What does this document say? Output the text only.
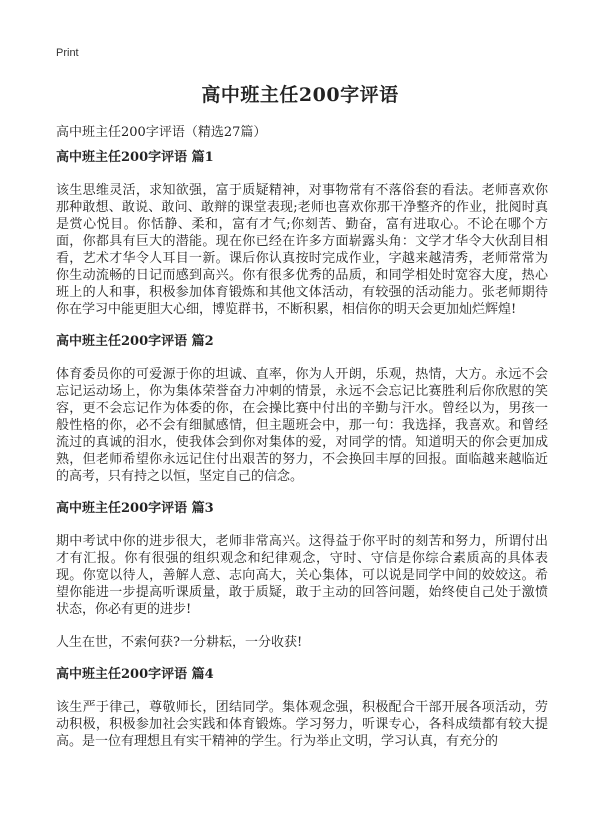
Print
高中班主任200字评语
高中班主任200字评语（精选27篇）
高中班主任200字评语 篇1

该生思维灵活，求知欲强，富于质疑精神，对事物常有不落俗套的看法。老师喜欢你那种敢想、敢说、敢问、敢辩的课堂表现;老师也喜欢你那干净整齐的作业，批阅时真是赏心悦目。你恬静、柔和，富有才气;你刻苦、勤奋，富有进取心。不论在哪个方面，你都具有巨大的潜能。现在你已经在许多方面崭露头角：文学才华令大伙刮目相看，艺术才华令人耳目一新。课后你认真按时完成作业，字越来越清秀，老师常常为你生动流畅的日记而感到高兴。你有很多优秀的品质，和同学相处时宽容大度，热心班上的人和事，积极参加体育锻炼和其他文体活动，有较强的活动能力。张老师期待你在学习中能更胆大心细，博览群书，不断积累，相信你的明天会更加灿烂辉煌!

高中班主任200字评语 篇2

体育委员你的可爱源于你的坦诚、直率，你为人开朗，乐观，热情，大方。永远不会忘记运动场上，你为集体荣誉奋力冲刺的情景，永远不会忘记比赛胜利后你欣慰的笑容，更不会忘记作为体委的你，在会操比赛中付出的辛勤与汗水。曾经以为，男孩一般性格的你，必不会有细腻感情，但主题班会中，那一句：我选择，我喜欢。和曾经流过的真诚的泪水，使我体会到你对集体的爱，对同学的情。知道明天的你会更加成熟，但老师希望你永远记住付出艰苦的努力，不会换回丰厚的回报。面临越来越临近的高考，只有持之以恒，坚定自己的信念。

高中班主任200字评语 篇3

期中考试中你的进步很大，老师非常高兴。这得益于你平时的刻苦和努力，所谓付出才有汇报。你有很强的组织观念和纪律观念，守时、守信是你综合素质高的具体表现。你宽以待人，善解人意、志向高大，关心集体，可以说是同学中间的姣姣这。希望你能进一步提高听课质量，敢于质疑，敢于主动的回答问题，始终使自己处于激愤状态，你必有更的进步!

人生在世，不索何获?一分耕耘，一分收获!

高中班主任200字评语 篇4

该生严于律己，尊敬师长，团结同学。集体观念强，积极配合干部开展各项活动，劳动积极，积极参加社会实践和体育锻炼。学习努力，听课专心，各科成绩都有较大提高。是一位有理想且有实干精神的学生。行为举止文明，学习认真，有充分的
